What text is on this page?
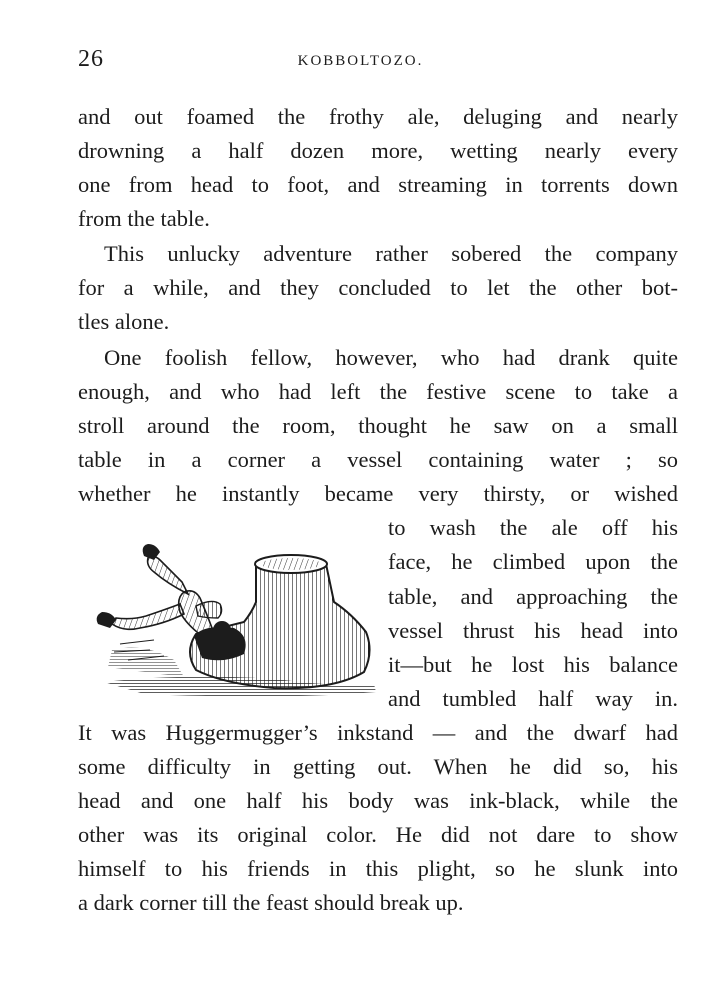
26	KOBBOLTOZO.
and out foamed the frothy ale, deluging and nearly
drowning a half dozen more, wetting nearly every
one from head to foot, and streaming in torrents down
from the table.
This unlucky adventure rather sobered the company
for a while, and they concluded to let the other bot-
tles alone.
One foolish fellow, however, who had drank quite
enough, and who had left the festive scene to take a
stroll around the room, thought he saw on a small
table in a corner a vessel containing water ; so
whether he instantly became very thirsty, or wished
to wash the ale off his
face, he climbed upon the
table, and approaching the
vessel thrust his head into
it—but he lost his balance
and tumbled half way in.
It was Huggermugger’s inkstand — and the dwarf had
some difficulty in getting out. When he did so, his
head and one half his body was ink-black, while the
other was its original color. He did not dare to show
himself to his friends in this plight, so he slunk into
a dark corner till the feast should break up.
